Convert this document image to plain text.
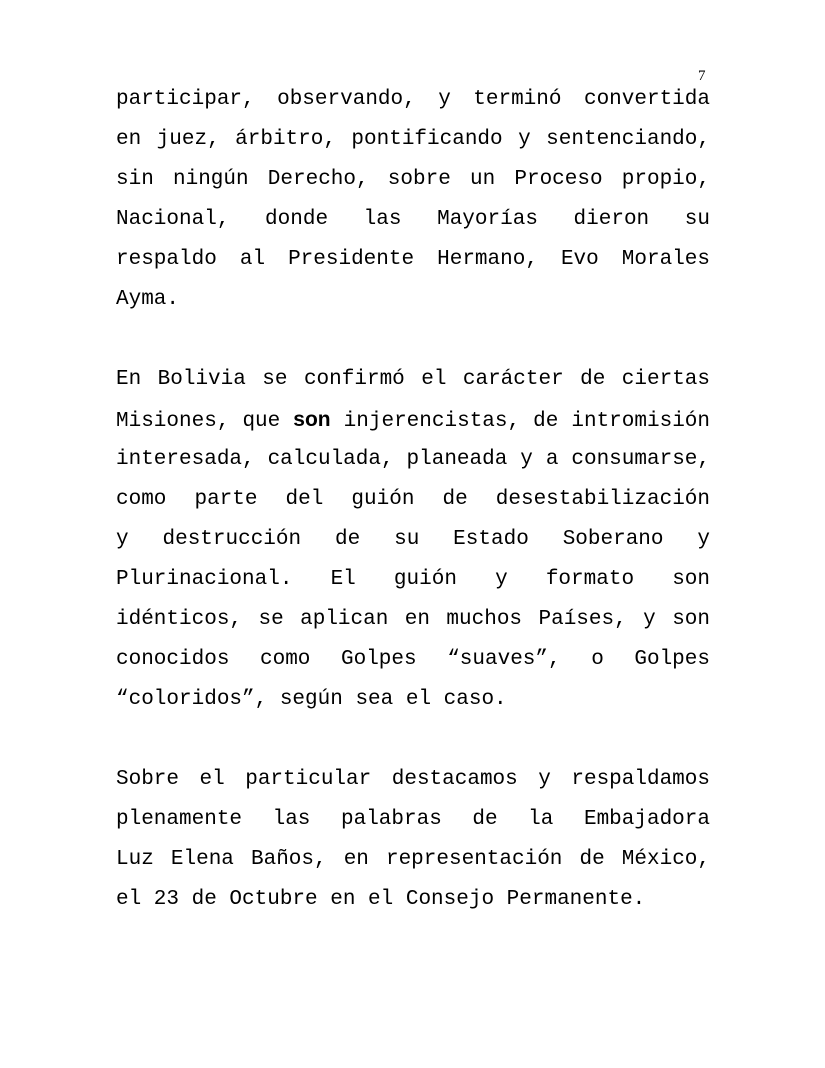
7
participar, observando, y terminó convertida
en juez, árbitro, pontificando y sentenciando,
sin ningún Derecho, sobre un Proceso propio,
Nacional, donde las Mayorías dieron su
respaldo al Presidente Hermano, Evo Morales
Ayma.
En Bolivia se confirmó el carácter de ciertas
Misiones, que son injerencistas, de intromisión
interesada, calculada, planeada y a consumarse,
como parte del guión de desestabilización
y destrucción de su Estado Soberano y
Plurinacional. El guión y formato son
idénticos, se aplican en muchos Países, y son
conocidos como Golpes “suaves”, o Golpes
“coloridos”, según sea el caso.
Sobre el particular destacamos y respaldamos
plenamente las palabras de la Embajadora
Luz Elena Baños, en representación de México,
el 23 de Octubre en el Consejo Permanente.
